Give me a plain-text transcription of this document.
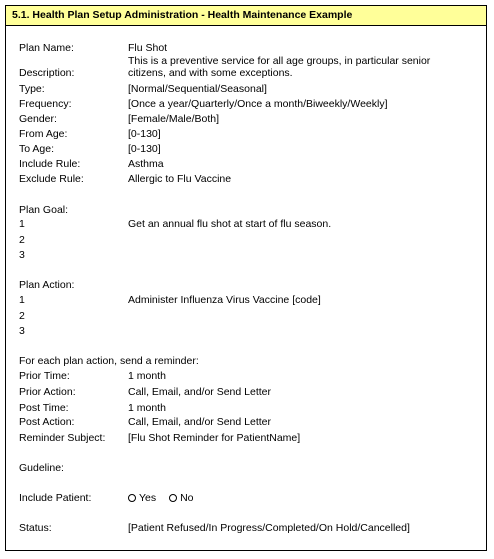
5.1. Health Plan Setup Administration - Health Maintenance Example
Plan Name:	Flu Shot
This is a preventive service for all age groups, in particular senior
Description:	citizens, and with some exceptions.
Type:	[Normal/Sequential/Seasonal]
Frequency:	[Once a year/Quarterly/Once a month/Biweekly/Weekly]
Gender:	[Female/Male/Both]
From Age:	[0-130]
To Age:	[0-130]
Include Rule:	Asthma
Exclude Rule:	Allergic to Flu Vaccine
Plan Goal:
1	Get an annual flu shot at start of flu season.
2
3
Plan Action:
1	Administer Influenza Virus Vaccine [code]
2
3
For each plan action, send a reminder:
Prior Time:	1 month
Prior Action:	Call, Email, and/or Send Letter
Post Time:	1 month
Post Action:	Call, Email, and/or Send Letter
Reminder Subject:	[Flu Shot Reminder for PatientName]
Gudeline:
Include Patient:	Yes No
Status:	[Patient Refused/In Progress/Completed/On Hold/Cancelled]
